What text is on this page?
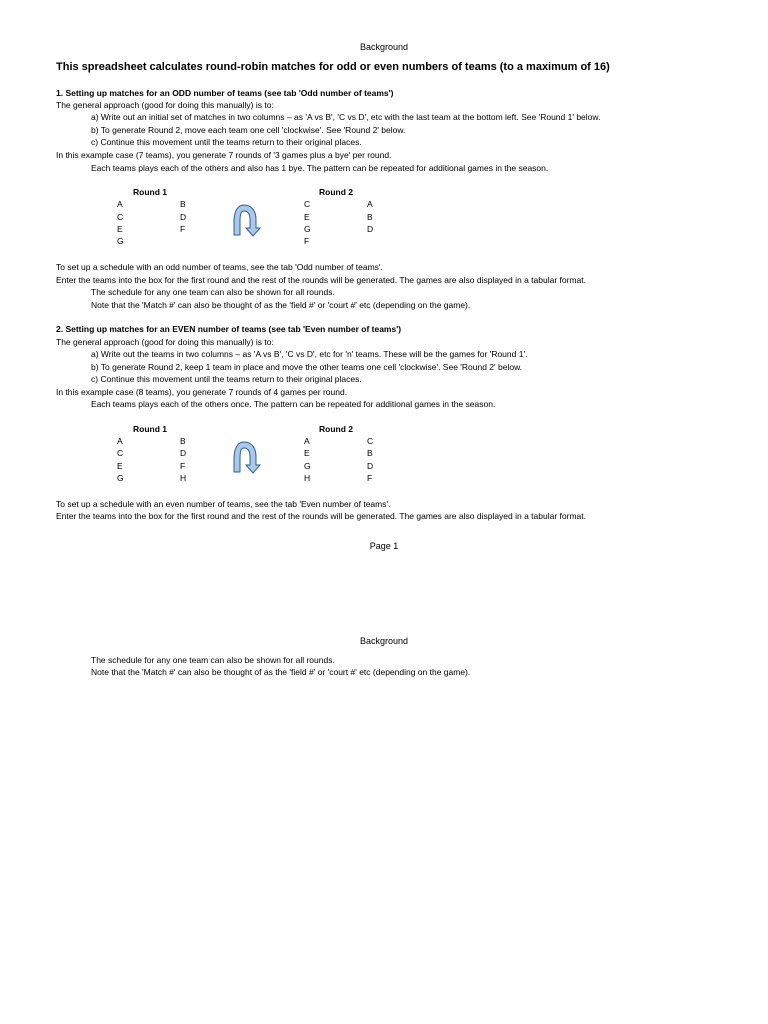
Background
This spreadsheet calculates round-robin matches for odd or even numbers of teams (to a maximum of 16)
1. Setting up matches for an ODD number of teams (see tab 'Odd number of teams')
The general approach (good for doing this manually) is to:
a) Write out an initial set of matches in two columns – as 'A vs B', 'C vs D', etc with the last team at the bottom left. See 'Round 1' below.
b) To generate Round 2, move each team one cell 'clockwise'. See 'Round 2' below.
c) Continue this movement until the teams return to their original places.
In this example case (7 teams), you generate 7 rounds of '3 games plus a bye' per round.
Each teams plays each of the others and also has 1 bye. The pattern can be repeated for additional games in the season.
Round 1	Round 2
A
C
E
G
B
D
F
C
E
G
F
A
B
D
To set up a schedule with an odd number of teams, see the tab 'Odd number of teams'.
Enter the teams into the box for the first round and the rest of the rounds will be generated. The games are also displayed in a tabular format.
The schedule for any one team can also be shown for all rounds.
Note that the 'Match #' can also be thought of as the 'field #' or 'court #' etc (depending on the game).
2. Setting up matches for an EVEN number of teams (see tab 'Even number of teams')
The general approach (good for doing this manually) is to:
a) Write out the teams in two columns – as 'A vs B', 'C vs D', etc for 'n' teams. These will be the games for 'Round 1'.
b) To generate Round 2, keep 1 team in place and move the other teams one cell 'clockwise'. See 'Round 2' below.
c) Continue this movement until the teams return to their original places.
In this example case (8 teams), you generate 7 rounds of 4 games per round.
Each teams plays each of the others once. The pattern can be repeated for additional games in the season.
Round 1	Round 2
A
C
E
G
B
D
F
H
A
E
G
H
C
B
D
F
To set up a schedule with an even number of teams, see the tab 'Even number of teams'.
Enter the teams into the box for the first round and the rest of the rounds will be generated. The games are also displayed in a tabular format.
Page 1
Background
The schedule for any one team can also be shown for all rounds.
Note that the 'Match #' can also be thought of as the 'field #' or 'court #' etc (depending on the game).
